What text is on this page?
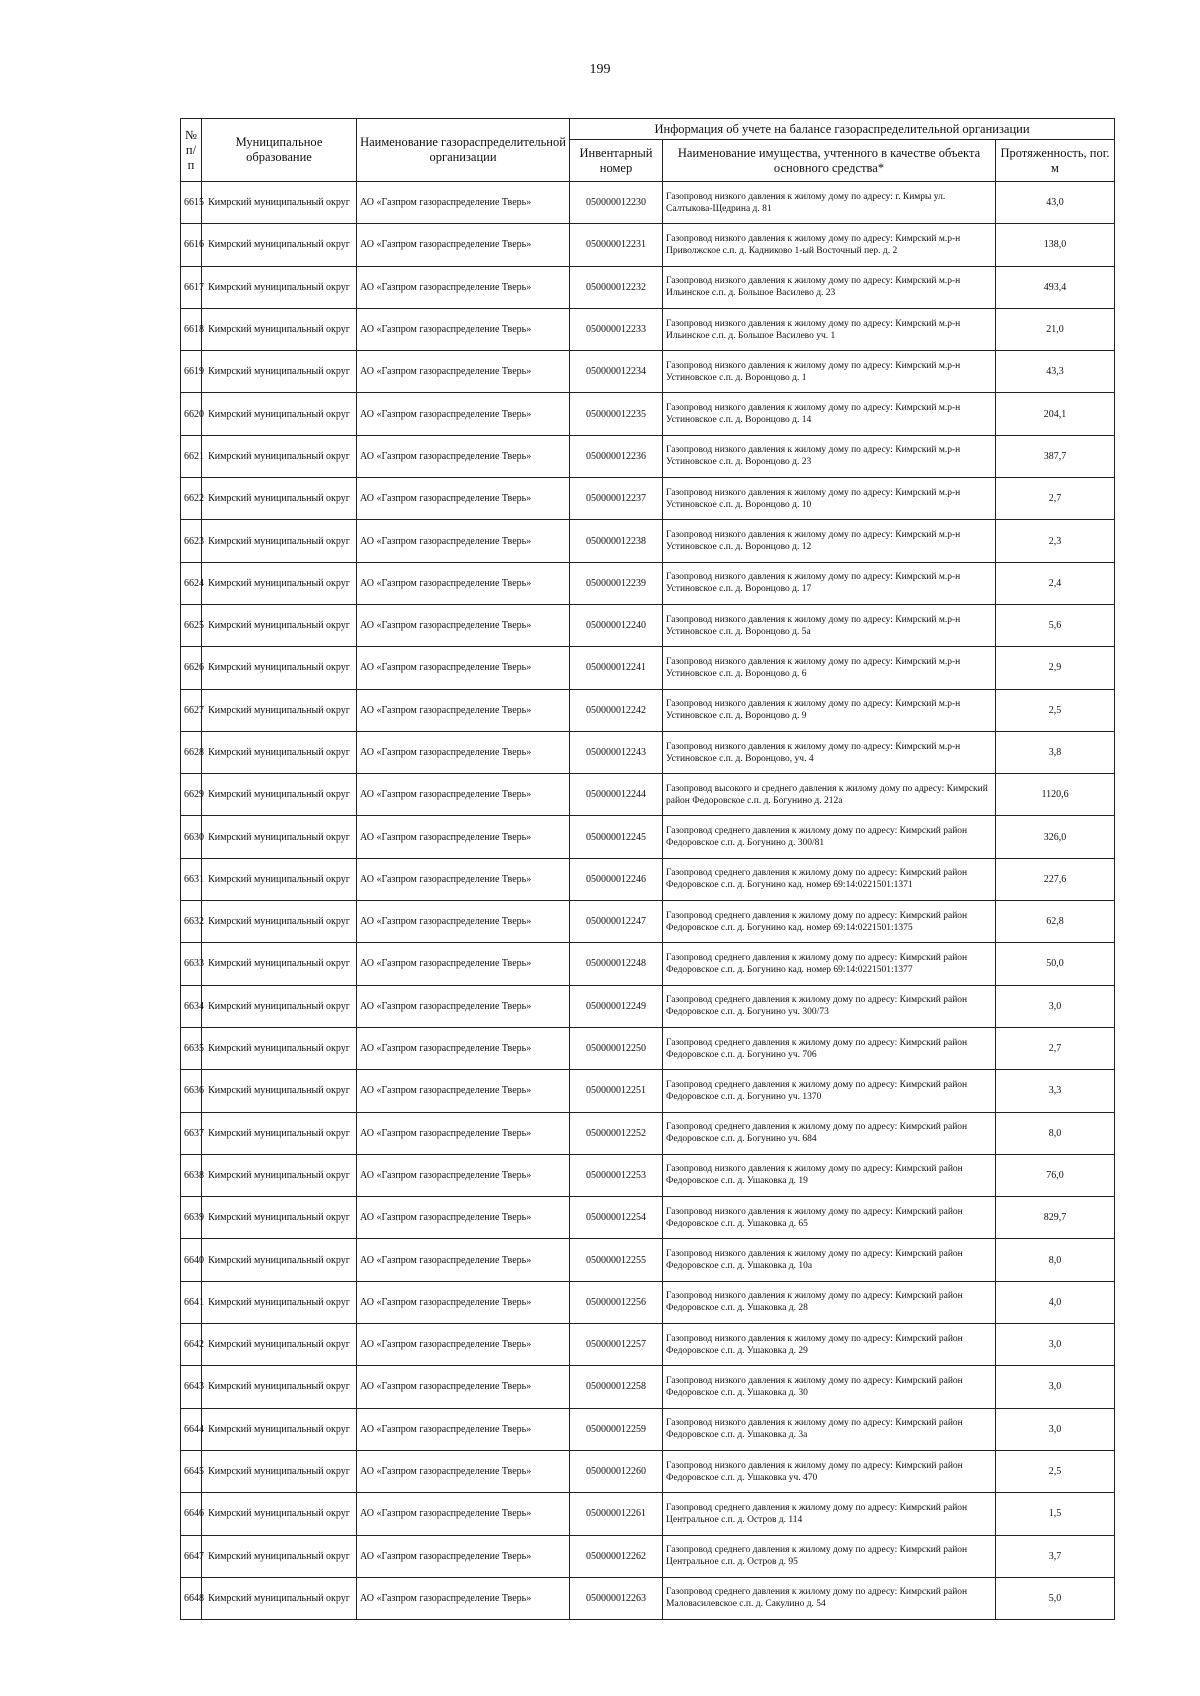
199
№ п/п	Муниципальное образование	Наименование газораспределительной организации	Информация об учете на балансе газораспределительной организации		
			Инвентарный номер	Наименование имущества, учтенного в качестве объекта основного средства*	Протяженность, пог. м
6615	Кимрский муниципальный округ	АО «Газпром газораспределение Тверь»	050000012230	Газопровод низкого давления к жилому дому по адресу: г. Кимры ул. Салтыкова-Щедрина д. 81	43,0
6616	Кимрский муниципальный округ	АО «Газпром газораспределение Тверь»	050000012231	Газопровод низкого давления к жилому дому по адресу: Кимрский м.р-н Приволжское с.п. д. Кадниково 1-ый Восточный пер. д. 2	138,0
6617	Кимрский муниципальный округ	АО «Газпром газораспределение Тверь»	050000012232	Газопровод низкого давления к жилому дому по адресу: Кимрский м.р-н Ильинское с.п. д. Большое Василево д. 23	493,4
6618	Кимрский муниципальный округ	АО «Газпром газораспределение Тверь»	050000012233	Газопровод низкого давления к жилому дому по адресу: Кимрский м.р-н Ильинское с.п. д. Большое Василево уч. 1	21,0
6619	Кимрский муниципальный округ	АО «Газпром газораспределение Тверь»	050000012234	Газопровод низкого давления к жилому дому по адресу: Кимрский м.р-н Устиновское с.п. д. Воронцово д. 1	43,3
6620	Кимрский муниципальный округ	АО «Газпром газораспределение Тверь»	050000012235	Газопровод низкого давления к жилому дому по адресу: Кимрский м.р-н Устиновское с.п. д. Воронцово д. 14	204,1
6621	Кимрский муниципальный округ	АО «Газпром газораспределение Тверь»	050000012236	Газопровод низкого давления к жилому дому по адресу: Кимрский м.р-н Устиновское с.п. д. Воронцово д. 23	387,7
6622	Кимрский муниципальный округ	АО «Газпром газораспределение Тверь»	050000012237	Газопровод низкого давления к жилому дому по адресу: Кимрский м.р-н Устиновское с.п. д. Воронцово д. 10	2,7
6623	Кимрский муниципальный округ	АО «Газпром газораспределение Тверь»	050000012238	Газопровод низкого давления к жилому дому по адресу: Кимрский м.р-н Устиновское с.п. д. Воронцово д. 12	2,3
6624	Кимрский муниципальный округ	АО «Газпром газораспределение Тверь»	050000012239	Газопровод низкого давления к жилому дому по адресу: Кимрский м.р-н Устиновское с.п. д. Воронцово д. 17	2,4
6625	Кимрский муниципальный округ	АО «Газпром газораспределение Тверь»	050000012240	Газопровод низкого давления к жилому дому по адресу: Кимрский м.р-н Устиновское с.п. д. Воронцово д. 5а	5,6
6626	Кимрский муниципальный округ	АО «Газпром газораспределение Тверь»	050000012241	Газопровод низкого давления к жилому дому по адресу: Кимрский м.р-н Устиновское с.п. д. Воронцово д. 6	2,9
6627	Кимрский муниципальный округ	АО «Газпром газораспределение Тверь»	050000012242	Газопровод низкого давления к жилому дому по адресу: Кимрский м.р-н Устиновское с.п. д. Воронцово д. 9	2,5
6628	Кимрский муниципальный округ	АО «Газпром газораспределение Тверь»	050000012243	Газопровод низкого давления к жилому дому по адресу: Кимрский м.р-н Устиновское с.п. д. Воронцово, уч. 4	3,8
6629	Кимрский муниципальный округ	АО «Газпром газораспределение Тверь»	050000012244	Газопровод высокого и среднего давления к жилому дому по адресу: Кимрский район Федоровское с.п. д. Богунино д. 212а	1120,6
6630	Кимрский муниципальный округ	АО «Газпром газораспределение Тверь»	050000012245	Газопровод среднего давления к жилому дому по адресу: Кимрский район Федоровское с.п. д. Богунино д. 300/81	326,0
6631	Кимрский муниципальный округ	АО «Газпром газораспределение Тверь»	050000012246	Газопровод среднего давления к жилому дому по адресу: Кимрский район Федоровское с.п. д. Богунино кад. номер 69:14:0221501:1371	227,6
6632	Кимрский муниципальный округ	АО «Газпром газораспределение Тверь»	050000012247	Газопровод среднего давления к жилому дому по адресу: Кимрский район Федоровское с.п. д. Богунино кад. номер 69:14:0221501:1375	62,8
6633	Кимрский муниципальный округ	АО «Газпром газораспределение Тверь»	050000012248	Газопровод среднего давления к жилому дому по адресу: Кимрский район Федоровское с.п. д. Богунино кад. номер 69:14:0221501:1377	50,0
6634	Кимрский муниципальный округ	АО «Газпром газораспределение Тверь»	050000012249	Газопровод среднего давления к жилому дому по адресу: Кимрский район Федоровское с.п. д. Богунино уч. 300/73	3,0
6635	Кимрский муниципальный округ	АО «Газпром газораспределение Тверь»	050000012250	Газопровод среднего давления к жилому дому по адресу: Кимрский район Федоровское с.п. д. Богунино уч. 706	2,7
6636	Кимрский муниципальный округ	АО «Газпром газораспределение Тверь»	050000012251	Газопровод среднего давления к жилому дому по адресу: Кимрский район Федоровское с.п. д. Богунино уч. 1370	3,3
6637	Кимрский муниципальный округ	АО «Газпром газораспределение Тверь»	050000012252	Газопровод среднего давления к жилому дому по адресу: Кимрский район Федоровское с.п. д. Богунино уч. 684	8,0
6638	Кимрский муниципальный округ	АО «Газпром газораспределение Тверь»	050000012253	Газопровод низкого давления к жилому дому по адресу: Кимрский район Федоровское с.п. д. Ушаковка д. 19	76,0
6639	Кимрский муниципальный округ	АО «Газпром газораспределение Тверь»	050000012254	Газопровод низкого давления к жилому дому по адресу: Кимрский район Федоровское с.п. д. Ушаковка д. 65	829,7
6640	Кимрский муниципальный округ	АО «Газпром газораспределение Тверь»	050000012255	Газопровод низкого давления к жилому дому по адресу: Кимрский район Федоровское с.п. д. Ушаковка д. 10а	8,0
6641	Кимрский муниципальный округ	АО «Газпром газораспределение Тверь»	050000012256	Газопровод низкого давления к жилому дому по адресу: Кимрский район Федоровское с.п. д. Ушаковка д. 28	4,0
6642	Кимрский муниципальный округ	АО «Газпром газораспределение Тверь»	050000012257	Газопровод низкого давления к жилому дому по адресу: Кимрский район Федоровское с.п. д. Ушаковка д. 29	3,0
6643	Кимрский муниципальный округ	АО «Газпром газораспределение Тверь»	050000012258	Газопровод низкого давления к жилому дому по адресу: Кимрский район Федоровское с.п. д. Ушаковка д. 30	3,0
6644	Кимрский муниципальный округ	АО «Газпром газораспределение Тверь»	050000012259	Газопровод низкого давления к жилому дому по адресу: Кимрский район Федоровское с.п. д. Ушаковка д. 3а	3,0
6645	Кимрский муниципальный округ	АО «Газпром газораспределение Тверь»	050000012260	Газопровод низкого давления к жилому дому по адресу: Кимрский район Федоровское с.п. д. Ушаковка уч. 470	2,5
6646	Кимрский муниципальный округ	АО «Газпром газораспределение Тверь»	050000012261	Газопровод среднего давления к жилому дому по адресу: Кимрский район Центральное с.п. д. Остров д. 114	1,5
6647	Кимрский муниципальный округ	АО «Газпром газораспределение Тверь»	050000012262	Газопровод среднего давления к жилому дому по адресу: Кимрский район Центральное с.п. д. Остров д. 95	3,7
6648	Кимрский муниципальный округ	АО «Газпром газораспределение Тверь»	050000012263	Газопровод среднего давления к жилому дому по адресу: Кимрский район Маловасилевское с.п. д. Сакулино д. 54	5,0
